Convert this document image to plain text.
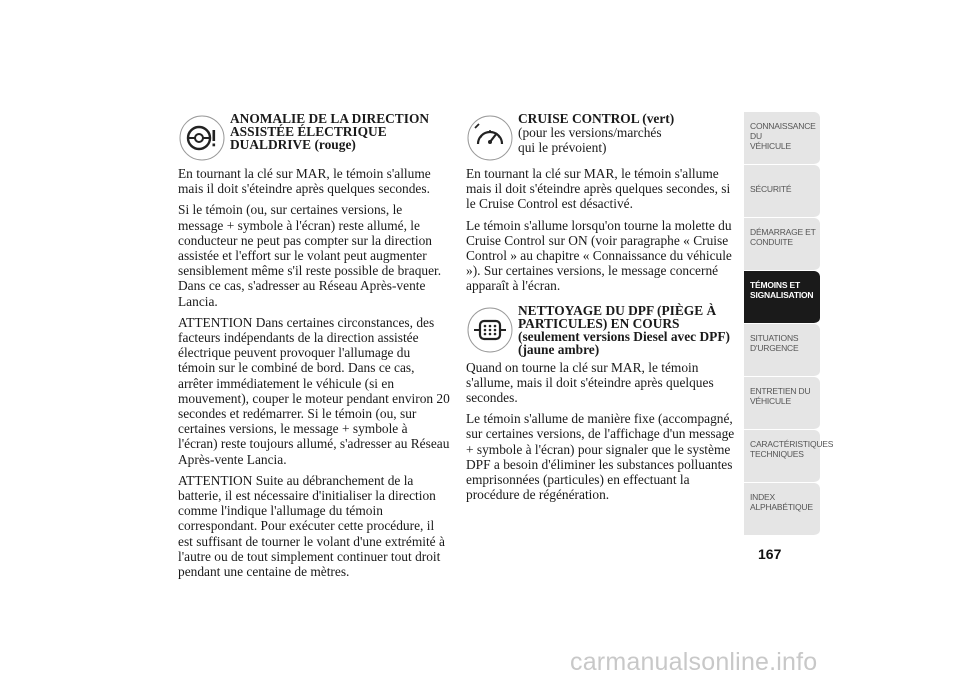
ANOMALIE DE LA DIRECTION
ASSISTÉE ÉLECTRIQUE
DUALDRIVE (rouge)

En tournant la clé sur MAR, le témoin s'allume mais il doit s'éteindre après quelques secondes.

Si le témoin (ou, sur certaines versions, le message + symbole à l'écran) reste allumé, le conducteur ne peut pas compter sur la direction assistée et l'effort sur le volant peut augmenter sensiblement même s'il reste possible de braquer. Dans ce cas, s'adresser au Réseau Après-vente Lancia.

ATTENTION Dans certaines circonstances, des facteurs indépendants de la direction assistée électrique peuvent provoquer l'allumage du témoin sur le combiné de bord. Dans ce cas, arrêter immédiatement le véhicule (si en mouvement), couper le moteur pendant environ 20 secondes et redémarrer. Si le témoin (ou, sur certaines versions, le message + symbole à l'écran) reste toujours allumé, s'adresser au Réseau Après-vente Lancia.

ATTENTION Suite au débranchement de la batterie, il est nécessaire d'initialiser la direction comme l'indique l'allumage du témoin correspondant. Pour exécuter cette procédure, il est suffisant de tourner le volant d'une extrémité à l'autre ou de tout simplement continuer tout droit pendant une centaine de mètres.

CRUISE CONTROL (vert)
(pour les versions/marchés
qui le prévoient)

En tournant la clé sur MAR, le témoin s'allume mais il doit s'éteindre après quelques secondes, si le Cruise Control est désactivé.

Le témoin s'allume lorsqu'on tourne la molette du Cruise Control sur ON (voir paragraphe « Cruise Control » au chapitre « Connaissance du véhicule »). Sur certaines versions, le message concerné apparaît à l'écran.

NETTOYAGE DU DPF (PIÈGE À
PARTICULES) EN COURS
(seulement versions Diesel avec DPF)
(jaune ambre)

Quand on tourne la clé sur MAR, le témoin s'allume, mais il doit s'éteindre après quelques secondes.

Le témoin s'allume de manière fixe (accompagné, sur certaines versions, de l'affichage d'un message + symbole à l'écran) pour signaler que le système DPF a besoin d'éliminer les substances polluantes emprisonnées (particules) en effectuant la procédure de régénération.

CONNAISSANCE DU
VÉHICULE
SÉCURITÉ
DÉMARRAGE ET
CONDUITE
TÉMOINS ET
SIGNALISATION
SITUATIONS
D'URGENCE
ENTRETIEN DU
VÉHICULE
CARACTÉRISTIQUES
TECHNIQUES
INDEX
ALPHABÉTIQUE
167
carmanualsonline.info
